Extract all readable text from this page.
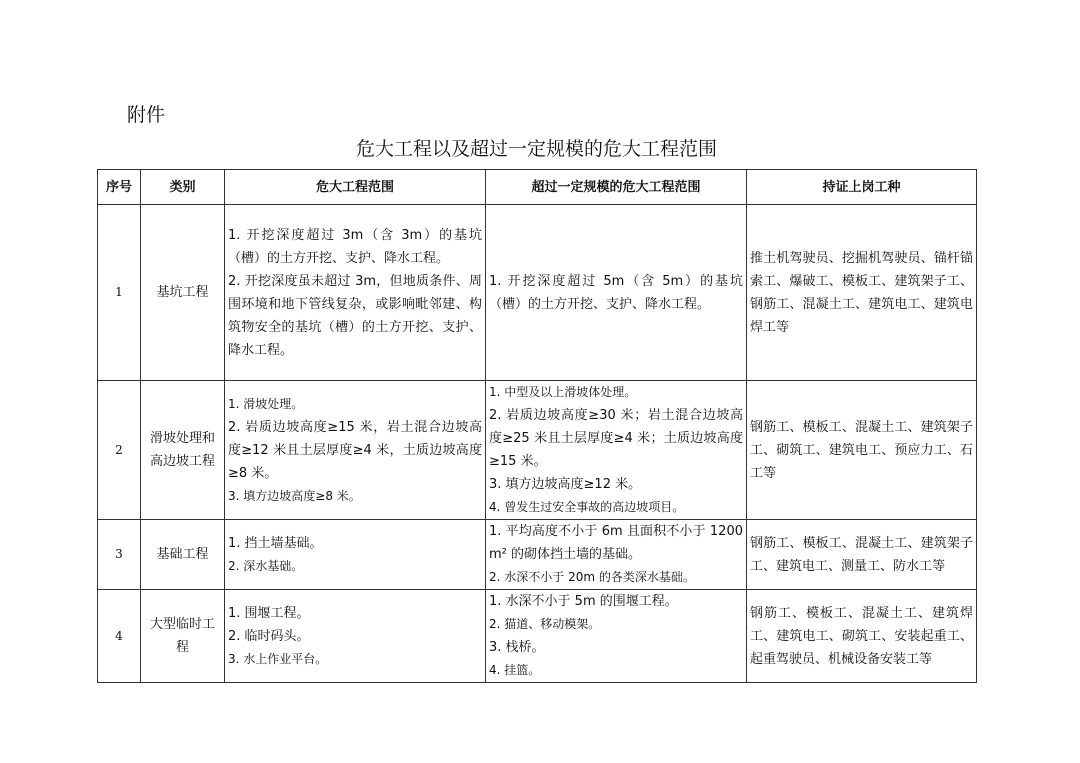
附件
危大工程以及超过一定规模的危大工程范围
序号	类别	危大工程范围	超过一定规模的危大工程范围	持证上岗工种
1	基坑工程	1. 开挖深度超过 3m（含 3m）的基坑（槽）的土方开挖、支护、降水工程。
2. 开挖深度虽未超过 3m，但地质条件、周围环境和地下管线复杂，或影响毗邻建、构筑物安全的基坑（槽）的土方开挖、支护、降水工程。	1. 开挖深度超过 5m（含 5m）的基坑（槽）的土方开挖、支护、降水工程。	推土机驾驶员、挖掘机驾驶员、锚杆锚索工、爆破工、模板工、建筑架子工、钢筋工、混凝土工、建筑电工、建筑电焊工等
2	滑坡处理和高边坡工程	1. 滑坡处理。
2. 岩质边坡高度≥15 米，岩土混合边坡高度≥12 米且土层厚度≥4 米，土质边坡高度≥8 米。
3. 填方边坡高度≥8 米。	1. 中型及以上滑坡体处理。
2. 岩质边坡高度≥30 米；岩土混合边坡高度≥25 米且土层厚度≥4 米；土质边坡高度≥15 米。
3. 填方边坡高度≥12 米。
4. 曾发生过安全事故的高边坡项目。	钢筋工、模板工、混凝土工、建筑架子工、砌筑工、建筑电工、预应力工、石工等
3	基础工程	1. 挡土墙基础。
2. 深水基础。	1. 平均高度不小于 6m 且面积不小于 1200m² 的砌体挡土墙的基础。
2. 水深不小于 20m 的各类深水基础。	钢筋工、模板工、混凝土工、建筑架子工、建筑电工、测量工、防水工等
4	大型临时工程	1. 围堰工程。
2. 临时码头。
3. 水上作业平台。	1. 水深不小于 5m 的围堰工程。
2. 猫道、移动模架。
3. 栈桥。
4. 挂篮。	钢筋工、模板工、混凝土工、建筑焊工、建筑电工、砌筑工、安装起重工、起重驾驶员、机械设备安装工等
